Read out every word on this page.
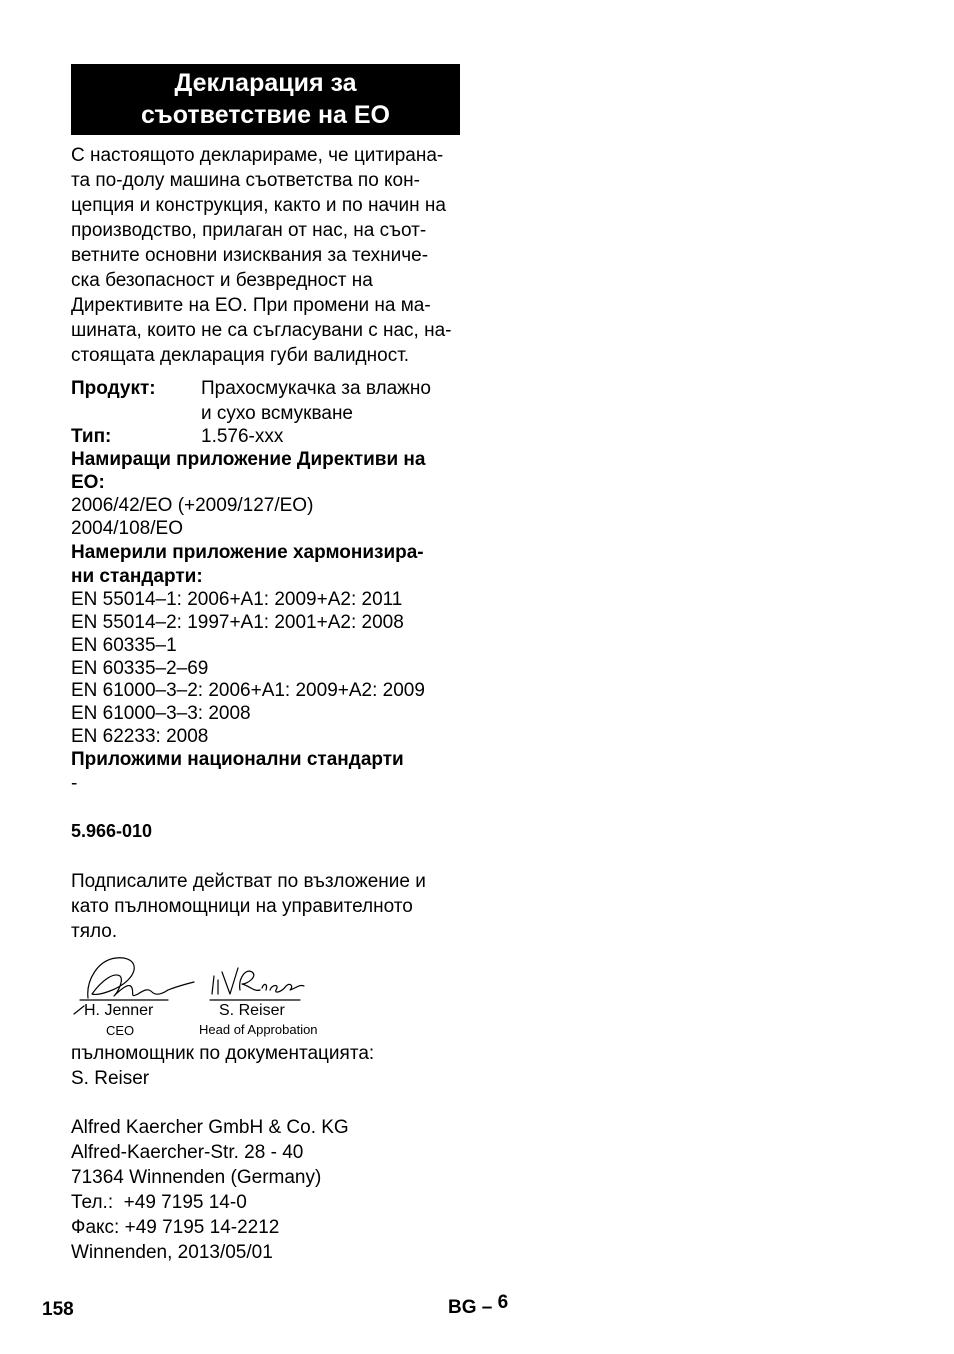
Декларация за
съответствие на ЕО
С настоящото декларираме, че цитирана-
та по-долу машина съответства по кон-
цепция и конструкция, както и по начин на
производство, прилаган от нас, на съот-
ветните основни изисквания за техниче-
ска безопасност и безвредност на
Директивите на ЕО. При промени на ма-
шината, които не са съгласувани с нас, на-
стоящата декларация губи валидност.
Продукт: Прахосмукачка за влажно
и сухо всмукване
Тип:	1.576-xxx
Намиращи приложение Директиви на
ЕО:
2006/42/ЕО (+2009/127/ЕО)
2004/108/ЕО
Намерили приложение хармонизира-
ни стандарти:
EN 55014–1: 2006+A1: 2009+A2: 2011
EN 55014–2: 1997+A1: 2001+A2: 2008
EN 60335–1
EN 60335–2–69
EN 61000–3–2: 2006+A1: 2009+A2: 2009
EN 61000–3–3: 2008
EN 62233: 2008
Приложими национални стандарти
-
5.966-010
Подписалите действат по възложение и
като пълномощници на управителното
тяло.
H. Jenner
CEO
S. Reiser
Head of Approbation
пълномощник по документацията:
S. Reiser
Alfred Kaercher GmbH & Co. KG
Alfred-Kaercher-Str. 28 - 40
71364 Winnenden (Germany)
Тел.:  +49 7195 14-0
Факс: +49 7195 14-2212
Winnenden, 2013/05/01
158	BG – 6
